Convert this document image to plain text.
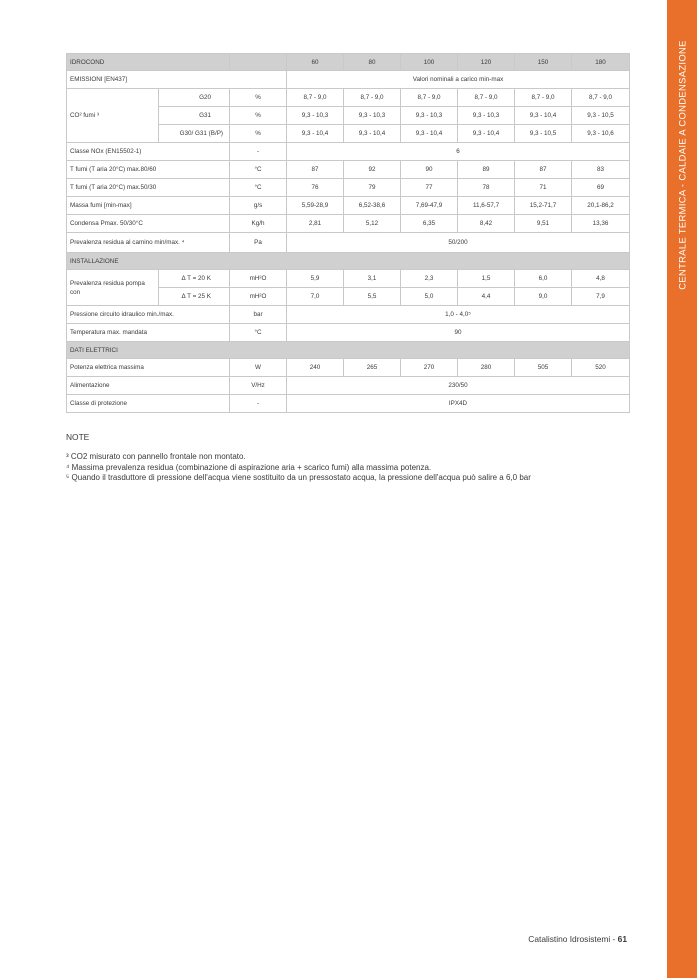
CENTRALE TERMICA - CALDAIE A CONDENSAZIONE
IDROCOND			60	80	100	120	150	180
EMISSIONI [EN437]			Valori nominali a carico min-max					
CO² fumi ³	G20	%	8,7 - 9,0	8,7 - 9,0	8,7 - 9,0	8,7 - 9,0	8,7 - 9,0	8,7 - 9,0
	G31	%	9,3 - 10,3	9,3 - 10,3	9,3 - 10,3	9,3 - 10,3	9,3 - 10,4	9,3 - 10,5
	G30/ G31 (B/P)	%	9,3 - 10,4	9,3 - 10,4	9,3 - 10,4	9,3 - 10,4	9,3 - 10,5	9,3 - 10,6
Classe NOx (EN15502-1)		-	6					
T fumi (T aria 20°C) max.80/60		°C	87	92	90	89	87	83
T fumi (T aria 20°C) max.50/30		°C	76	79	77	78	71	69
Massa fumi [min-max]		g/s	5,59-28,9	6,52-38,6	7,69-47,9	11,6-57,7	15,2-71,7	20,1-86,2
Condensa Pmax. 50/30°C		Kg/h	2,81	5,12	6,35	8,42	9,51	13,36
Prevalenza residua al camino min/max. ⁴		Pa	50/200					
INSTALLAZIONE								
Prevalenza residua pompa con	Δ T = 20 K	mH²O	5,9	3,1	2,3	1,5	6,0	4,8
	Δ T = 25 K	mH²O	7,0	5,5	5,0	4,4	9,0	7,9
Pressione circuito idraulico min./max.		bar	1,0 - 4,0⁵					
Temperatura max. mandata		°C	90					
DATI ELETTRICI								
Potenza elettrica massima		W	240	265	270	280	505	520
Alimentazione		V/Hz	230/50					
Classe di protezione		-	IPX4D					
NOTE
³ CO2 misurato con pannello frontale non montato.
⁴ Massima prevalenza residua (combinazione di aspirazione aria + scarico fumi) alla massima potenza.
⁵ Quando il trasduttore di pressione dell'acqua viene sostituito da un pressostato acqua, la pressione dell'acqua può salire a 6,0 bar
Catalistino Idrosistemi - 61
